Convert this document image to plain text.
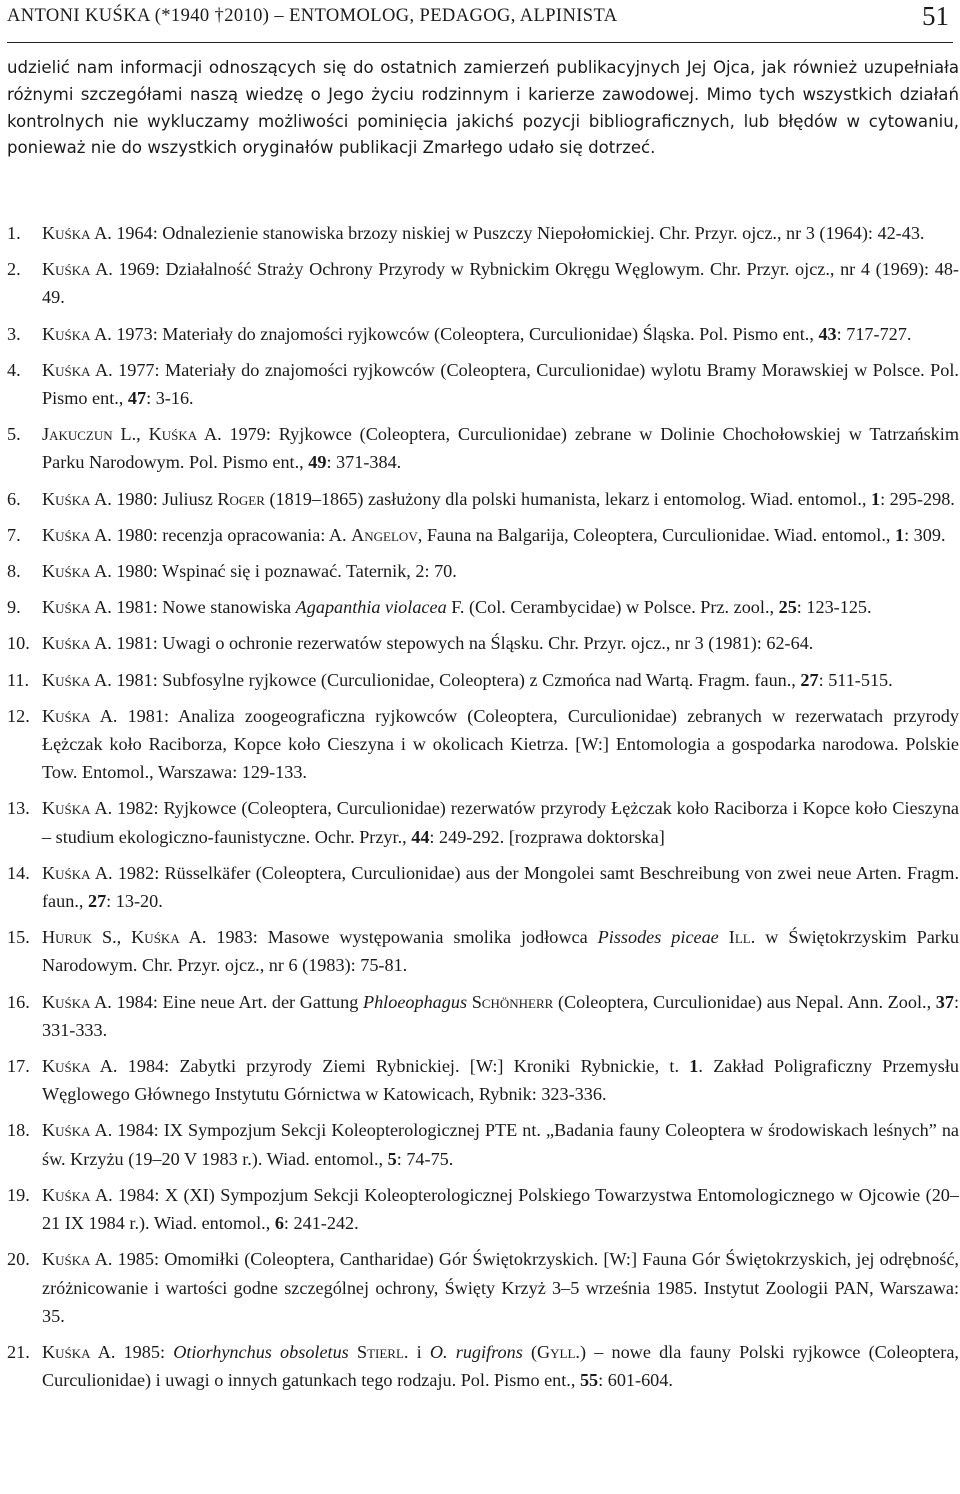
ANTONI KUŚKA (*1940 †2010) – ENTOMOLOG, PEDAGOG, ALPINISTA	51
udzielić nam informacji odnoszących się do ostatnich zamierzeń publikacyjnych Jej Ojca, jak również uzupełniała różnymi szczegółami naszą wiedzę o Jego życiu rodzinnym i karierze zawodowej. Mimo tych wszystkich działań kontrolnych nie wykluczamy możliwości pominięcia jakichś pozycji bibliograficznych, lub błędów w cytowaniu, ponieważ nie do wszystkich oryginałów publikacji Zmarłego udało się dotrzeć.
1. Kuśka A. 1964: Odnalezienie stanowiska brzozy niskiej w Puszczy Niepołomickiej. Chr. Przyr. ojcz., nr 3 (1964): 42-43.
2. Kuśka A. 1969: Działalność Straży Ochrony Przyrody w Rybnickim Okręgu Węglowym. Chr. Przyr. ojcz., nr 4 (1969): 48-49.
3. Kuśka A. 1973: Materiały do znajomości ryjkowców (Coleoptera, Curculionidae) Śląska. Pol. Pismo ent., 43: 717-727.
4. Kuśka A. 1977: Materiały do znajomości ryjkowców (Coleoptera, Curculionidae) wylotu Bramy Morawskiej w Polsce. Pol. Pismo ent., 47: 3-16.
5. Jakuczun L., Kuśka A. 1979: Ryjkowce (Coleoptera, Curculionidae) zebrane w Dolinie Chochołowskiej w Tatrzańskim Parku Narodowym. Pol. Pismo ent., 49: 371-384.
6. Kuśka A. 1980: Juliusz Roger (1819–1865) zasłużony dla polski humanista, lekarz i entomolog. Wiad. entomol., 1: 295-298.
7. Kuśka A. 1980: recenzja opracowania: A. Angelov, Fauna na Balgarija, Coleoptera, Curculionidae. Wiad. entomol., 1: 309.
8. Kuśka A. 1980: Wspinać się i poznawać. Taternik, 2: 70.
9. Kuśka A. 1981: Nowe stanowiska Agapanthia violacea F. (Col. Cerambycidae) w Polsce. Prz. zool., 25: 123-125.
10. Kuśka A. 1981: Uwagi o ochronie rezerwatów stepowych na Śląsku. Chr. Przyr. ojcz., nr 3 (1981): 62-64.
11. Kuśka A. 1981: Subfosylne ryjkowce (Curculionidae, Coleoptera) z Czmońca nad Wartą. Fragm. faun., 27: 511-515.
12. Kuśka A. 1981: Analiza zoogeograficzna ryjkowców (Coleoptera, Curculionidae) zebranych w rezerwatach przyrody Łężczak koło Raciborza, Kopce koło Cieszyna i w okolicach Kietrza. [W:] Entomologia a gospodarka narodowa. Polskie Tow. Entomol., Warszawa: 129-133.
13. Kuśka A. 1982: Ryjkowce (Coleoptera, Curculionidae) rezerwatów przyrody Łężczak koło Raciborza i Kopce koło Cieszyna – studium ekologiczno-faunistyczne. Ochr. Przyr., 44: 249-292. [rozprawa doktorska]
14. Kuśka A. 1982: Rüsselkäfer (Coleoptera, Curculionidae) aus der Mongolei samt Beschreibung von zwei neue Arten. Fragm. faun., 27: 13-20.
15. Huruk S., Kuśka A. 1983: Masowe występowania smolika jodłowca Pissodes piceae Ill. w Świętokrzyskim Parku Narodowym. Chr. Przyr. ojcz., nr 6 (1983): 75-81.
16. Kuśka A. 1984: Eine neue Art. der Gattung Phloeophagus Schönherr (Coleoptera, Curculionidae) aus Nepal. Ann. Zool., 37: 331-333.
17. Kuśka A. 1984: Zabytki przyrody Ziemi Rybnickiej. [W:] Kroniki Rybnickie, t. 1. Zakład Poligraficzny Przemysłu Węglowego Głównego Instytutu Górnictwa w Katowicach, Rybnik: 323-336.
18. Kuśka A. 1984: IX Sympozjum Sekcji Koleopterologicznej PTE nt. „Badania fauny Coleoptera w środowiskach leśnych” na św. Krzyżu (19–20 V 1983 r.). Wiad. entomol., 5: 74-75.
19. Kuśka A. 1984: X (XI) Sympozjum Sekcji Koleopterologicznej Polskiego Towarzystwa Entomologicznego w Ojcowie (20–21 IX 1984 r.). Wiad. entomol., 6: 241-242.
20. Kuśka A. 1985: Omomiłki (Coleoptera, Cantharidae) Gór Świętokrzyskich. [W:] Fauna Gór Świętokrzyskich, jej odrębność, zróżnicowanie i wartości godne szczególnej ochrony, Święty Krzyż 3–5 września 1985. Instytut Zoologii PAN, Warszawa: 35.
21. Kuśka A. 1985: Otiorhynchus obsoletus Stierl. i O. rugifrons (Gyll.) – nowe dla fauny Polski ryjkowce (Coleoptera, Curculionidae) i uwagi o innych gatunkach tego rodzaju. Pol. Pismo ent., 55: 601-604.
